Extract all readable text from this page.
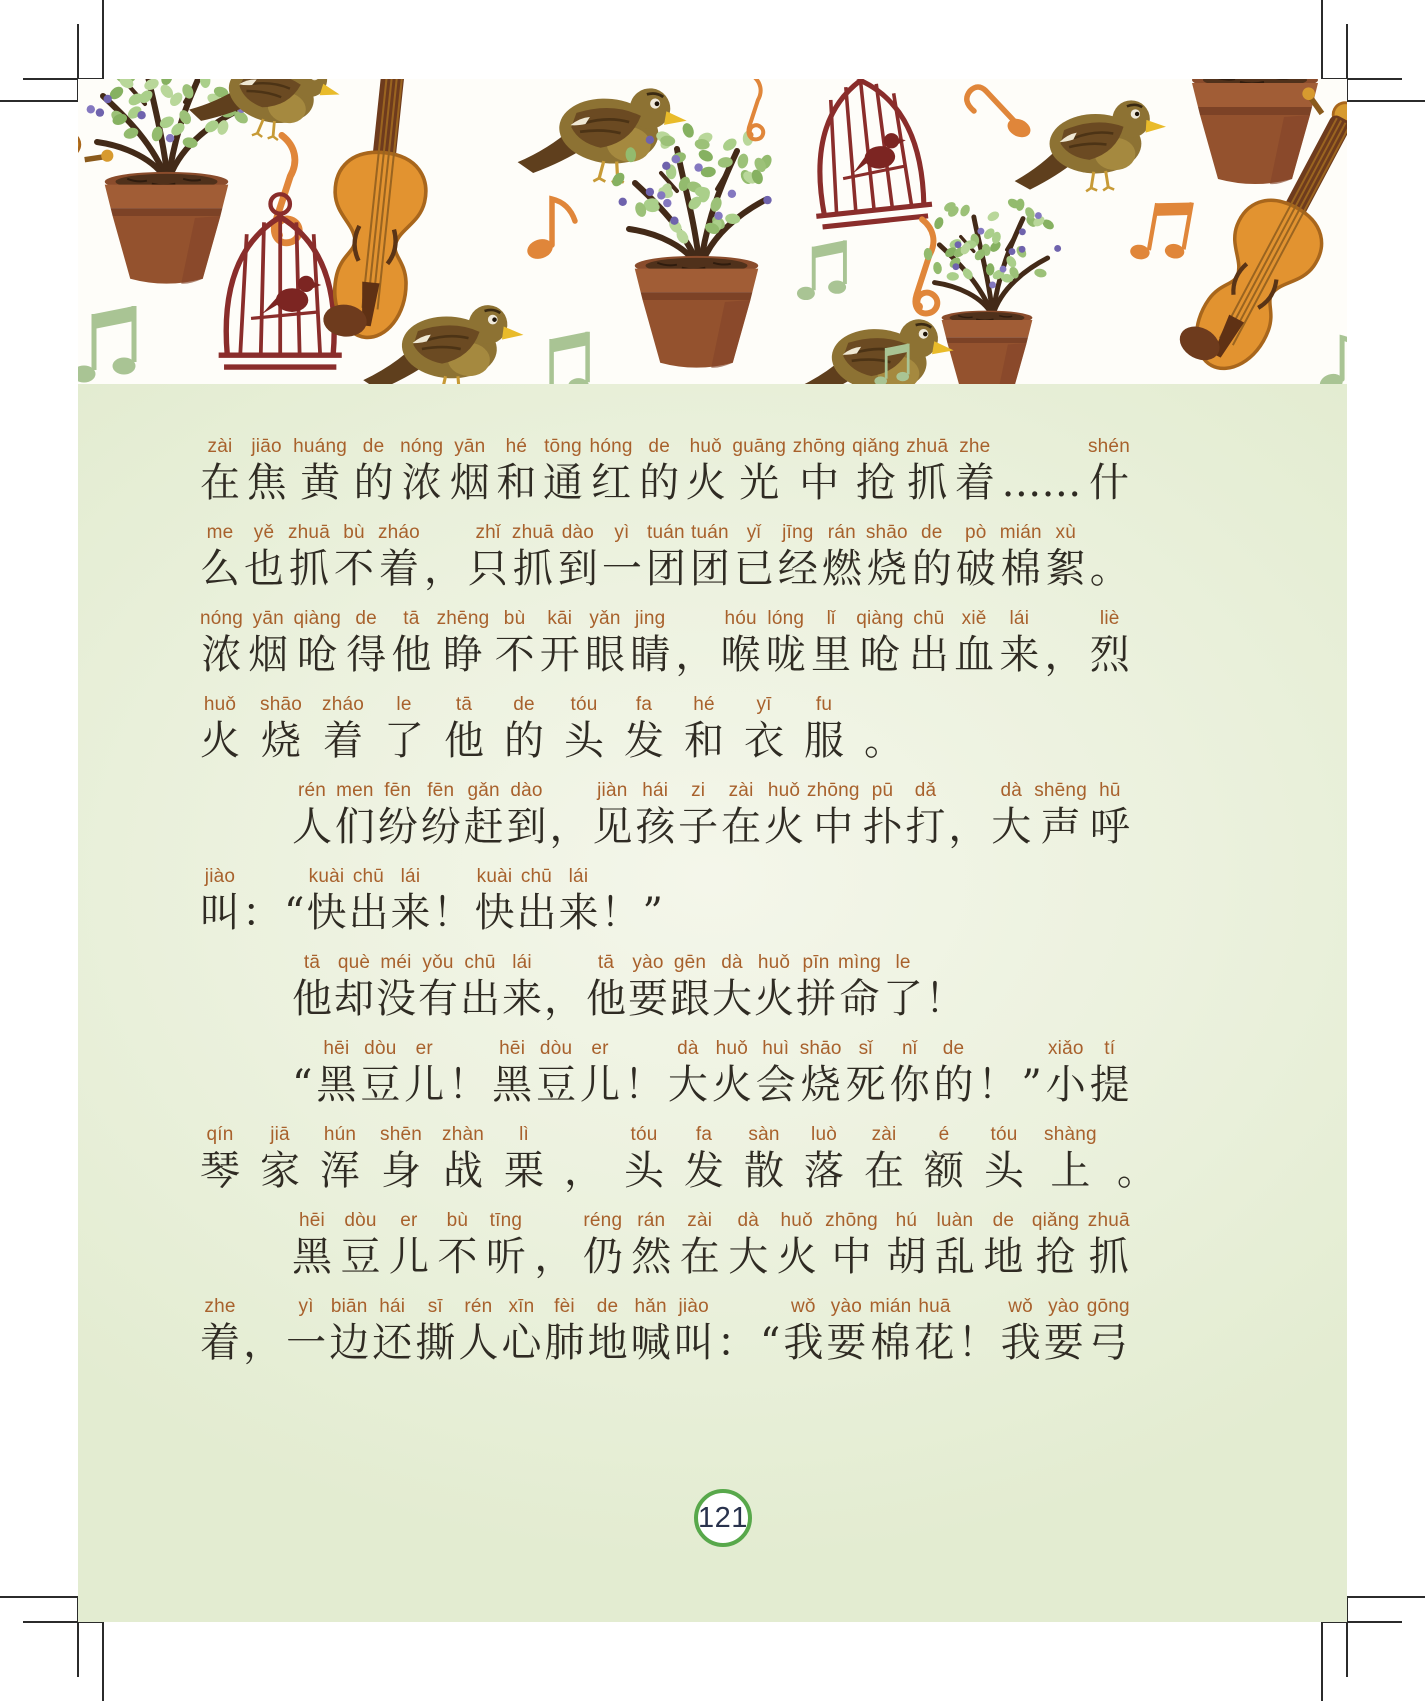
zài
在
jiāo
焦
huáng
黄
de
的
nóng
浓
yān
烟
hé
和
tōng
通
hóng
红
de
的
huǒ
火
guāng
光
zhōng
中
qiǎng
抢
zhuā
抓
zhe
着 ……
shén
什
me
么
yě
也
zhuā
抓
bù
不
zháo
着 ，
zhǐ
只
zhuā
抓
dào
到
yì
一
tuán
团
tuán
团
yǐ
已
jīng
经
rán
燃
shāo
烧
de
的
pò
破
mián
棉
xù
絮 。
nóng
浓
yān
烟
qiàng
呛
de
得
tā
他
zhēng
睁
bù
不
kāi
开
yǎn
眼
jing
睛 ，
hóu
喉
lóng
咙
lǐ
里
qiàng
呛
chū
出
xiě
血
lái
来 ，
liè
烈
huǒ
火
shāo
烧
zháo
着
le
了
tā
他
de
的
tóu
头
fa
发
hé
和
yī
衣
fu
服 。
rén
人
men
们
fēn
纷
fēn
纷
gǎn
赶
dào
到 ，
jiàn
见
hái
孩
zi
子
zài
在
huǒ
火
zhōng
中
pū
扑
dǎ
打 ，
dà
大
shēng
声
hū
呼
jiào
叫 ： “
kuài
快
chū
出
lái
来 ！
kuài
快
chū
出
lái
来 ！ ”
tā
他
què
却
méi
没
yǒu
有
chū
出
lái
来 ，
tā
他
yào
要
gēn
跟
dà
大
huǒ
火
pīn
拼
mìng
命
le
了 ！
“
hēi
黑
dòu
豆
er
儿 ！
hēi
黑
dòu
豆
er
儿 ！
dà
大
huǒ
火
huì
会
shāo
烧
sǐ
死
nǐ
你
de
的 ！ ”
xiǎo
小
tí
提
qín
琴
jiā
家
hún
浑
shēn
身
zhàn
战
lì
栗 ，
tóu
头
fa
发
sàn
散
luò
落
zài
在
é
额
tóu
头
shàng
上 。
hēi
黑
dòu
豆
er
儿
bù
不
tīng
听 ，
réng
仍
rán
然
zài
在
dà
大
huǒ
火
zhōng
中
hú
胡
luàn
乱
de
地
qiǎng
抢
zhuā
抓
zhe
着 ，
yì
一
biān
边
hái
还
sī
撕
rén
人
xīn
心
fèi
肺
de
地
hǎn
喊
jiào
叫 ： “
wǒ
我
yào
要
mián
棉
huā
花 ！
wǒ
我
yào
要
gōng
弓
121
